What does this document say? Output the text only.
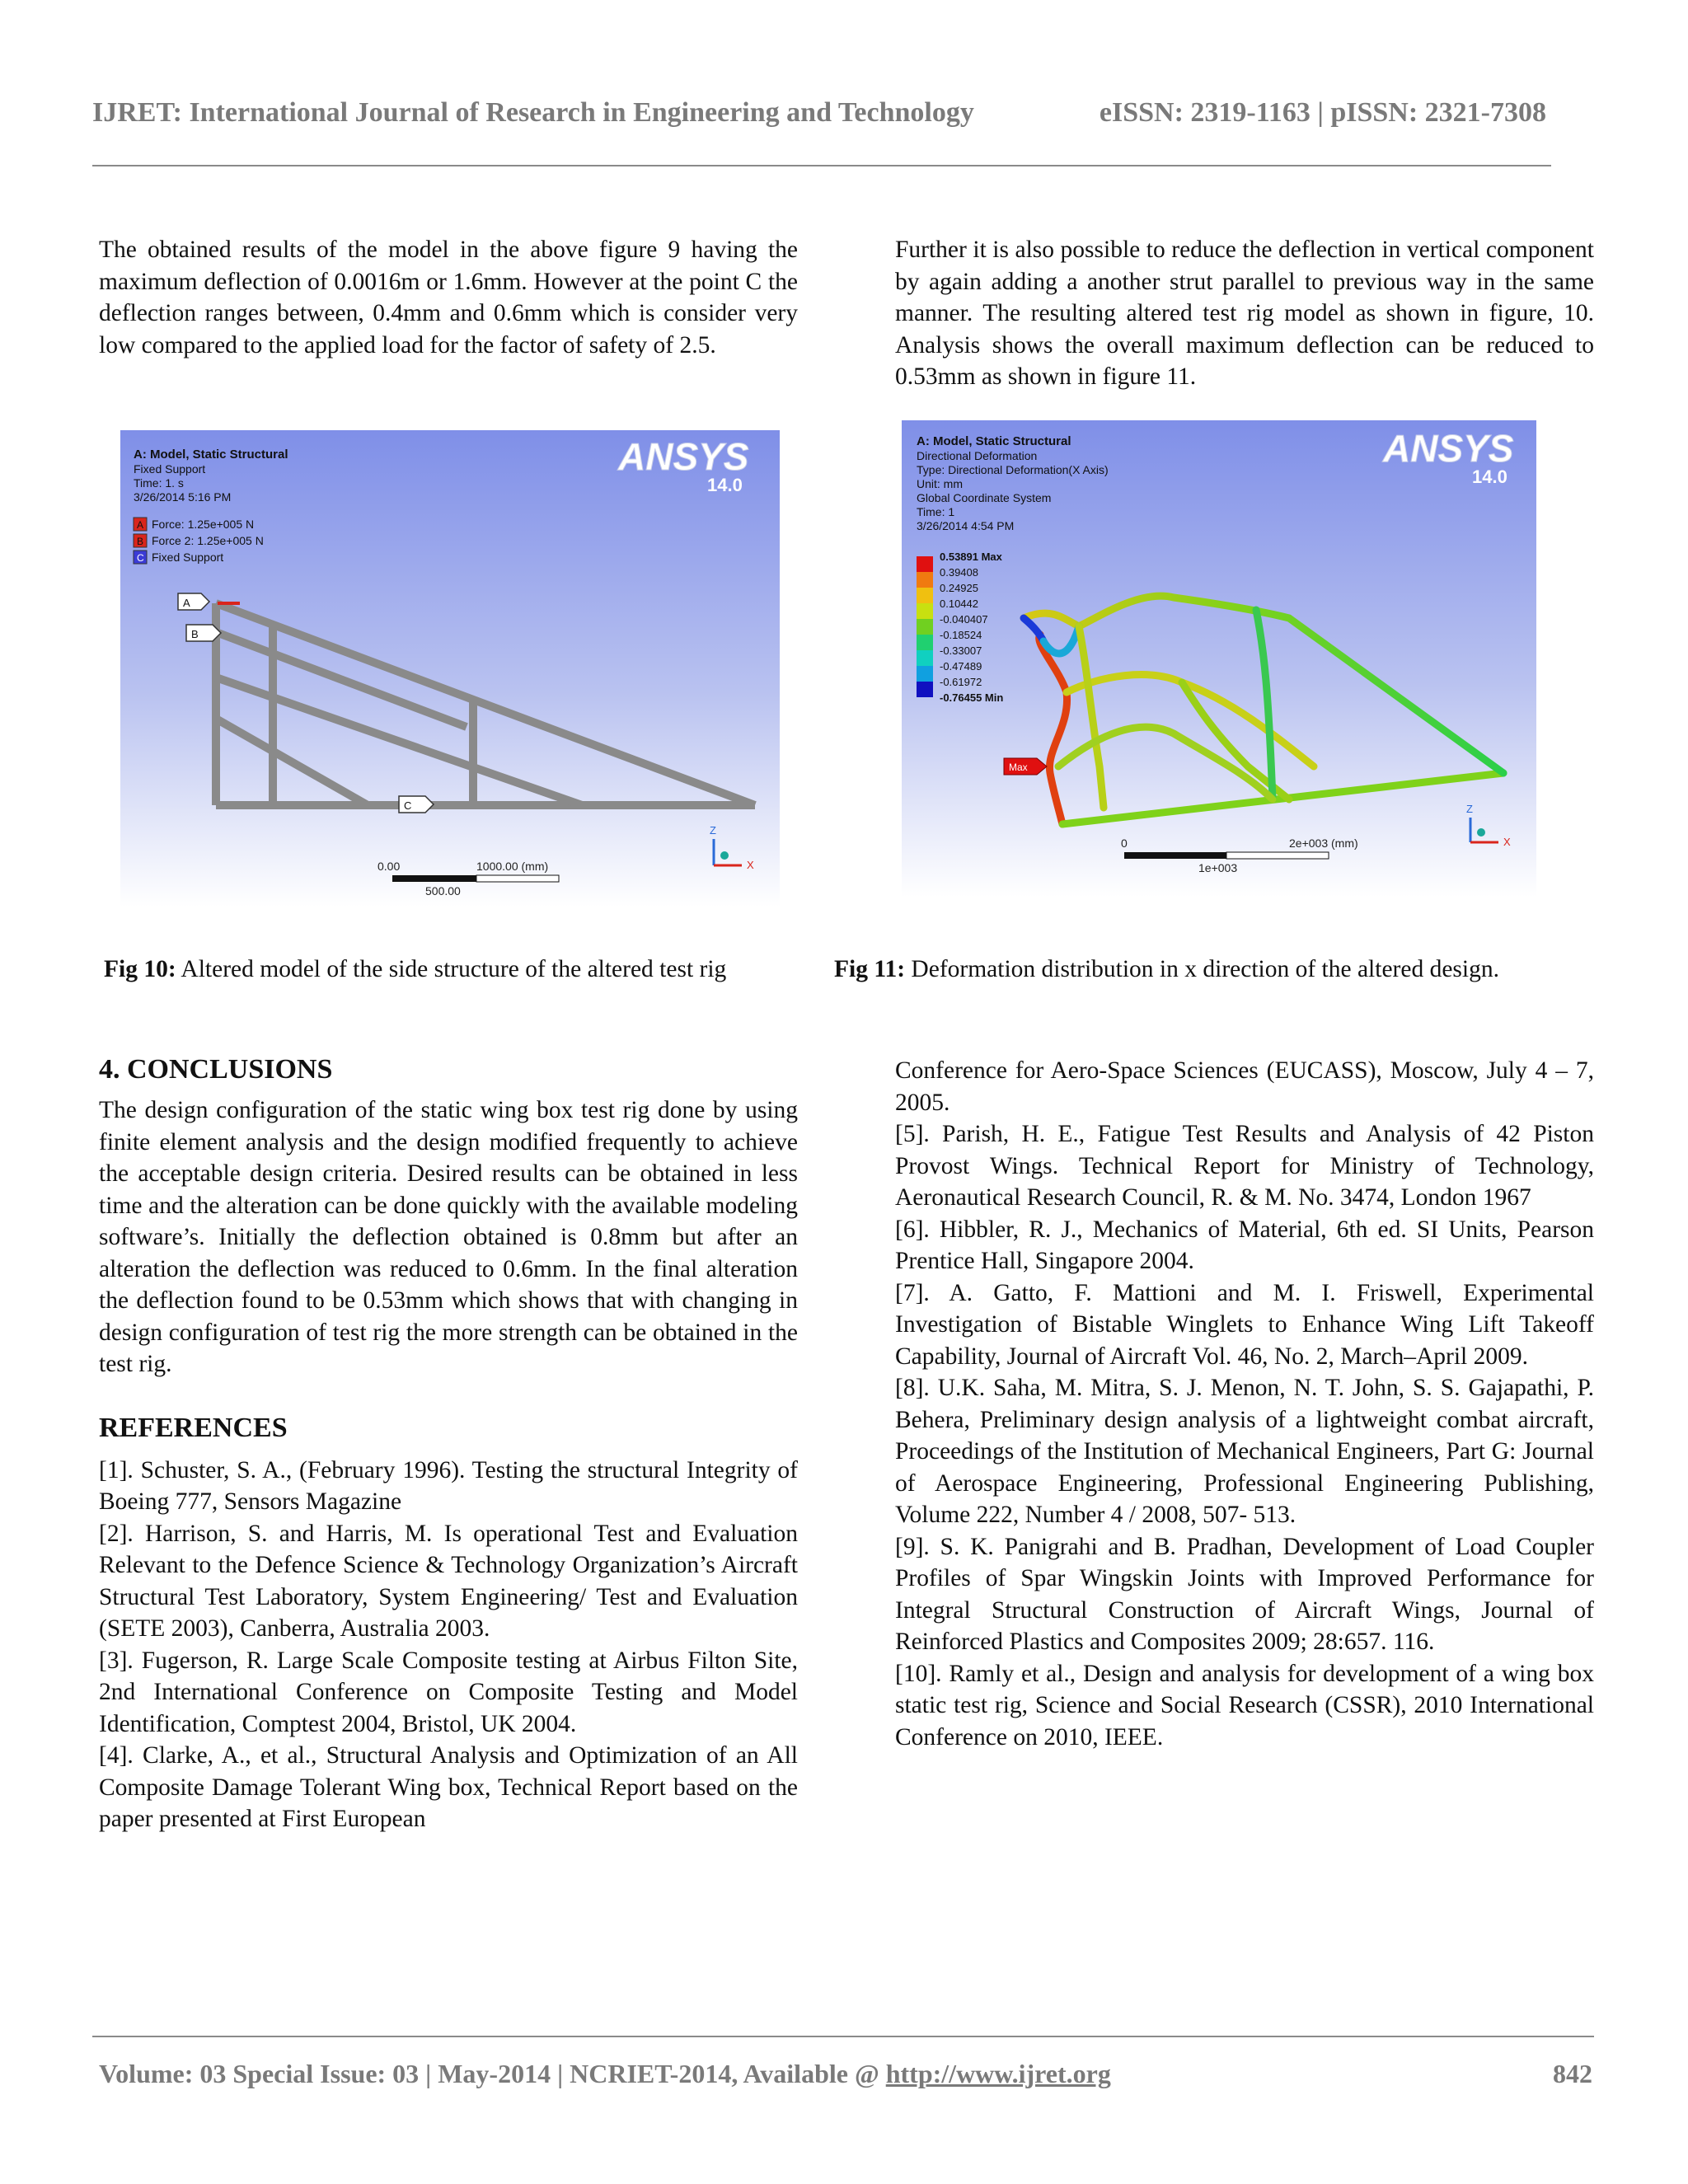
IJRET: International Journal of Research in Engineering and Technology	eISSN: 2319-1163 | pISSN: 2321-7308

The obtained results of the model in the above figure 9 having the maximum deflection of 0.0016m or 1.6mm. However at the point C the deflection ranges between, 0.4mm and 0.6mm which is consider very low compared to the applied load for the factor of safety of 2.5.

Further it is also possible to reduce the deflection in vertical component by again adding a another strut parallel to previous way in the same manner. The resulting altered test rig model as shown in figure, 10. Analysis shows the overall maximum deflection can be reduced to 0.53mm as shown in figure 11.

A: Model, Static Structural
Fixed Support
Time: 1. s
3/26/2014 5:16 PM
A Force: 1.25e+005 N
B Force 2: 1.25e+005 N
C Fixed Support
ANSYS
14.0
A
B
C
0.00	1000.00 (mm)
500.00
Z
X
Fig 10: Altered model of the side structure of the altered test rig
A: Model, Static Structural
Directional Deformation
Type: Directional Deformation(X Axis)
Unit: mm
Global Coordinate System
Time: 1
3/26/2014 4:54 PM
0.53891 Max
0.39408
0.24925
0.10442
-0.040407
-0.18524
-0.33007
-0.47489
-0.61972
-0.76455 Min
ANSYS
14.0
Max
0	2e+003 (mm)
1e+003
Z
X
Fig 11: Deformation distribution in x direction of the altered design.
4. CONCLUSIONS

The design configuration of the static wing box test rig done by using finite element analysis and the design modified frequently to achieve the acceptable design criteria. Desired results can be obtained in less time and the alteration can be done quickly with the available modeling software’s. Initially the deflection obtained is 0.8mm but after an alteration the deflection was reduced to 0.6mm. In the final alteration the deflection found to be 0.53mm which shows that with changing in design configuration of test rig the more strength can be obtained in the test rig.

REFERENCES

[1]. Schuster, S. A., (February 1996). Testing the structural Integrity of Boeing 777, Sensors Magazine

[2]. Harrison, S. and Harris, M. Is operational Test and Evaluation Relevant to the Defence Science & Technology Organization’s Aircraft Structural Test Laboratory, System Engineering/ Test and Evaluation (SETE 2003), Canberra, Australia 2003.

[3]. Fugerson, R. Large Scale Composite testing at Airbus Filton Site, 2nd International Conference on Composite Testing and Model Identification, Comptest 2004, Bristol, UK 2004.

[4]. Clarke, A., et al., Structural Analysis and Optimization of an All Composite Damage Tolerant Wing box, Technical Report based on the paper presented at First European

Conference for Aero-Space Sciences (EUCASS), Moscow, July 4 – 7, 2005.

[5]. Parish, H. E., Fatigue Test Results and Analysis of 42 Piston Provost Wings. Technical Report for Ministry of Technology, Aeronautical Research Council, R. & M. No. 3474, London 1967

[6]. Hibbler, R. J., Mechanics of Material, 6th ed. SI Units, Pearson Prentice Hall, Singapore 2004.

[7]. A. Gatto, F. Mattioni and M. I. Friswell, Experimental Investigation of Bistable Winglets to Enhance Wing Lift Takeoff Capability, Journal of Aircraft Vol. 46, No. 2, March–April 2009.

[8]. U.K. Saha, M. Mitra, S. J. Menon, N. T. John, S. S. Gajapathi, P. Behera, Preliminary design analysis of a lightweight combat aircraft, Proceedings of the Institution of Mechanical Engineers, Part G: Journal of Aerospace Engineering, Professional Engineering Publishing, Volume 222, Number 4 / 2008, 507- 513.

[9]. S. K. Panigrahi and B. Pradhan, Development of Load Coupler Profiles of Spar Wingskin Joints with Improved Performance for Integral Structural Construction of Aircraft Wings, Journal of Reinforced Plastics and Composites 2009; 28:657. 116.

[10]. Ramly et al., Design and analysis for development of a wing box static test rig, Science and Social Research (CSSR), 2010 International Conference on 2010, IEEE.

Volume: 03 Special Issue: 03 | May-2014 | NCRIET-2014, Available @ http://www.ijret.org	842
